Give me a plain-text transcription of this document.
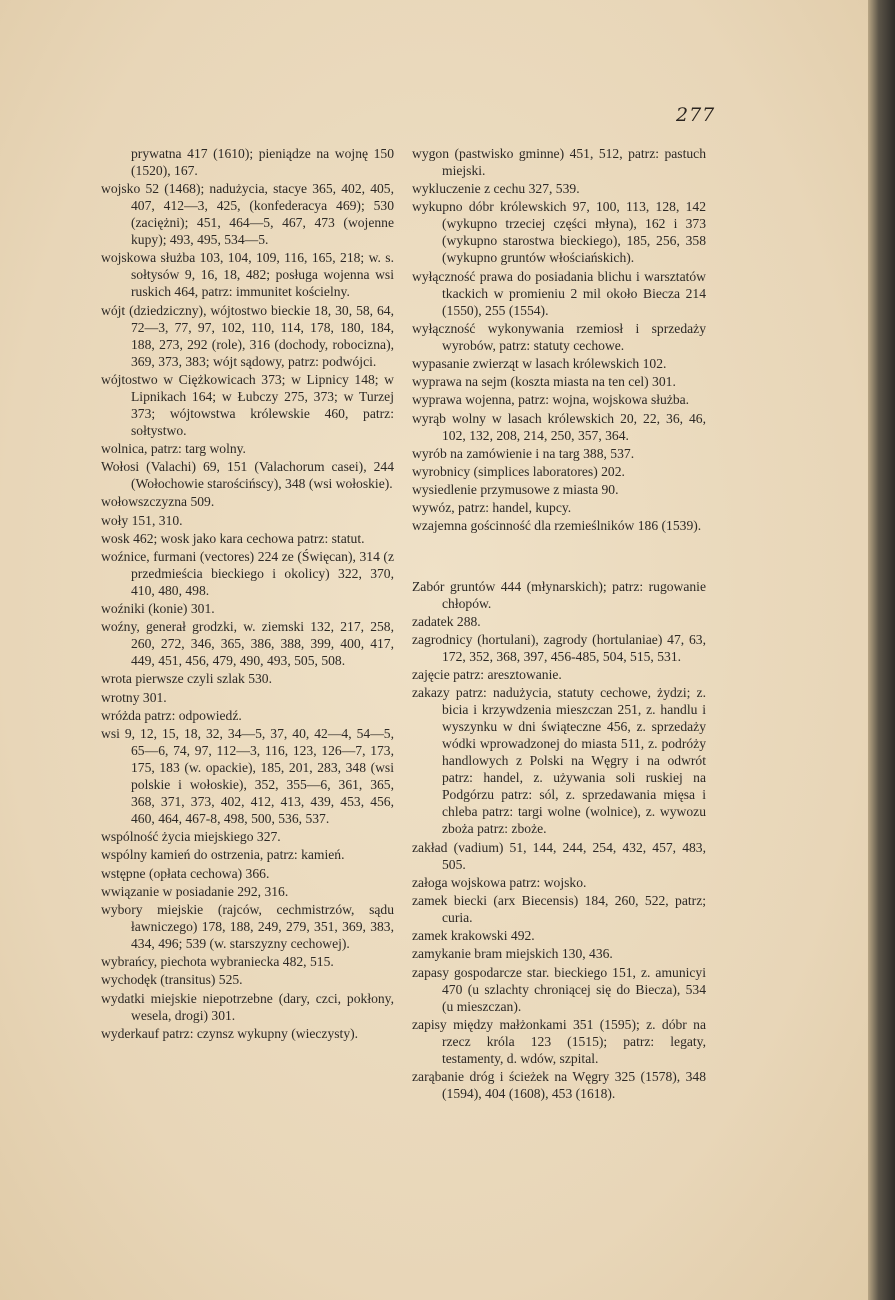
277

prywatna 417 (1610); pieniądze na wojnę 150 (1520), 167.

wojsko 52 (1468); nadużycia, stacye 365, 402, 405, 407, 412—3, 425, (konfederacya 469); 530 (zaciężni); 451, 464—5, 467, 473 (wojenne kupy); 493, 495, 534—5.

wojskowa służba 103, 104, 109, 116, 165, 218; w. s. sołtysów 9, 16, 18, 482; posługa wojenna wsi ruskich 464, patrz: immunitet kościelny.

wójt (dziedziczny), wójtostwo bieckie 18, 30, 58, 64, 72—3, 77, 97, 102, 110, 114, 178, 180, 184, 188, 273, 292 (role), 316 (dochody, robocizna), 369, 373, 383; wójt sądowy, patrz: podwójci.

wójtostwo w Ciężkowicach 373; w Lipnicy 148; w Lipnikach 164; w Łubczy 275, 373; w Turzej 373; wójtowstwa królewskie 460, patrz: sołtystwo.

wolnica, patrz: targ wolny.

Wołosi (Valachi) 69, 151 (Valachorum casei), 244 (Wołochowie starościńscy), 348 (wsi wołoskie).

wołowszczyzna 509.

woły 151, 310.

wosk 462; wosk jako kara cechowa patrz: statut.

woźnice, furmani (vectores) 224 ze (Święcan), 314 (z przedmieścia bieckiego i okolicy) 322, 370, 410, 480, 498.

woźniki (konie) 301.

woźny, generał grodzki, w. ziemski 132, 217, 258, 260, 272, 346, 365, 386, 388, 399, 400, 417, 449, 451, 456, 479, 490, 493, 505, 508.

wrota pierwsze czyli szlak 530.

wrotny 301.

wróżda patrz: odpowiedź.

wsi 9, 12, 15, 18, 32, 34—5, 37, 40, 42—4, 54—5, 65—6, 74, 97, 112—3, 116, 123, 126—7, 173, 175, 183 (w. opackie), 185, 201, 283, 348 (wsi polskie i wołoskie), 352, 355—6, 361, 365, 368, 371, 373, 402, 412, 413, 439, 453, 456, 460, 464, 467-8, 498, 500, 536, 537.

wspólność życia miejskiego 327.

wspólny kamień do ostrzenia, patrz: kamień.

wstępne (opłata cechowa) 366.

wwiązanie w posiadanie 292, 316.

wybory miejskie (rajców, cechmistrzów, sądu ławniczego) 178, 188, 249, 279, 351, 369, 383, 434, 496; 539 (w. starszyzny cechowej).

wybrańcy, piechota wybraniecka 482, 515.

wychodęk (transitus) 525.

wydatki miejskie niepotrzebne (dary, czci, pokłony, wesela, drogi) 301.

wyderkauf patrz: czynsz wykupny (wieczysty).

wygon (pastwisko gminne) 451, 512, patrz: pastuch miejski.

wykluczenie z cechu 327, 539.

wykupno dóbr królewskich 97, 100, 113, 128, 142 (wykupno trzeciej części młyna), 162 i 373 (wykupno starostwa bieckiego), 185, 256, 358 (wykupno gruntów włościańskich).

wyłączność prawa do posiadania blichu i warsztatów tkackich w promieniu 2 mil około Biecza 214 (1550), 255 (1554).

wyłączność wykonywania rzemiosł i sprzedaży wyrobów, patrz: statuty cechowe.

wypasanie zwierząt w lasach królewskich 102.

wyprawa na sejm (koszta miasta na ten cel) 301.

wyprawa wojenna, patrz: wojna, wojskowa służba.

wyrąb wolny w lasach królewskich 20, 22, 36, 46, 102, 132, 208, 214, 250, 357, 364.

wyrób na zamówienie i na targ 388, 537.

wyrobnicy (simplices laboratores) 202.

wysiedlenie przymusowe z miasta 90.

wywóz, patrz: handel, kupcy.

wzajemna gościnność dla rzemieślników 186 (1539).

Zabór gruntów 444 (młynarskich); patrz: rugowanie chłopów.

zadatek 288.

zagrodnicy (hortulani), zagrody (hortulaniae) 47, 63, 172, 352, 368, 397, 456-485, 504, 515, 531.

zajęcie patrz: aresztowanie.

zakazy patrz: nadużycia, statuty cechowe, żydzi; z. bicia i krzywdzenia mieszczan 251, z. handlu i wyszynku w dni świąteczne 456, z. sprzedaży wódki wprowadzonej do miasta 511, z. podróży handlowych z Polski na Węgry i na odwrót patrz: handel, z. używania soli ruskiej na Podgórzu patrz: sól, z. sprzedawania mięsa i chleba patrz: targi wolne (wolnice), z. wywozu zboża patrz: zboże.

zakład (vadium) 51, 144, 244, 254, 432, 457, 483, 505.

załoga wojskowa patrz: wojsko.

zamek biecki (arx Biecensis) 184, 260, 522, patrz; curia.

zamek krakowski 492.

zamykanie bram miejskich 130, 436.

zapasy gospodarcze star. bieckiego 151, z. amunicyi 470 (u szlachty chroniącej się do Biecza), 534 (u mieszczan).

zapisy między małżonkami 351 (1595); z. dóbr na rzecz króla 123 (1515); patrz: legaty, testamenty, d. wdów, szpital.

zarąbanie dróg i ścieżek na Węgry 325 (1578), 348 (1594), 404 (1608), 453 (1618).
